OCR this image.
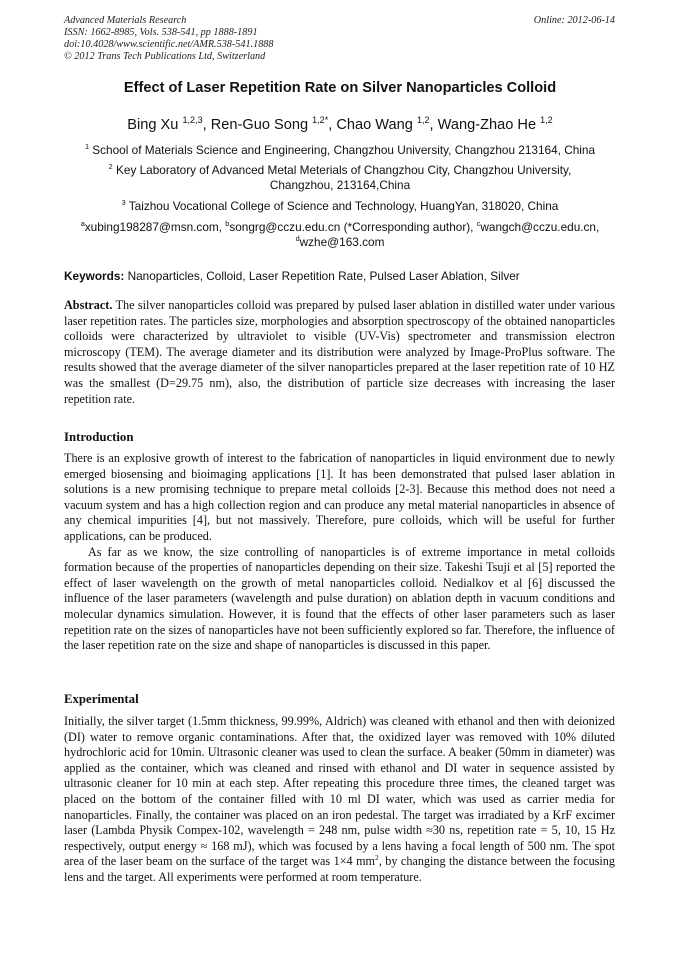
Advanced Materials Research
ISSN: 1662-8985, Vols. 538-541, pp 1888-1891
doi:10.4028/www.scientific.net/AMR.538-541.1888
© 2012 Trans Tech Publications Ltd, Switzerland
Online: 2012-06-14
Effect of Laser Repetition Rate on Silver Nanoparticles Colloid
Bing Xu $^{1,2,3}$, Ren-Guo Song $^{1,2*}$, Chao Wang $^{1,2}$, Wang-Zhao He $^{1,2}$
$^1$ School of Materials Science and Engineering, Changzhou University, Changzhou 213164, China
$^2$ Key Laboratory of Advanced Metal Meterials of Changzhou City, Changzhou University,
Changzhou, 213164,China
$^3$ Taizhou Vocational College of Science and Technology, HuangYan, 318020, China
$^a$xubing198287@msn.com, $^b$songrg@cczu.edu.cn (*Corresponding author), $^c$wangch@cczu.edu.cn,
$^d$wzhe@163.com
Keywords: Nanoparticles, Colloid, Laser Repetition Rate, Pulsed Laser Ablation, Silver

Abstract. The silver nanoparticles colloid was prepared by pulsed laser ablation in distilled water under various laser repetition rates. The particles size, morphologies and absorption spectroscopy of the obtained nanoparticles colloids were characterized by ultraviolet to visible (UV-Vis) spectrometer and transmission electron microscopy (TEM). The average diameter and its distribution were analyzed by Image-ProPlus software. The results showed that the average diameter of the silver nanoparticles prepared at the laser repetition rate of 10 HZ was the smallest (D=29.75 nm), also, the distribution of particle size decreases with increasing the laser repetition rate.

Introduction

There is an explosive growth of interest to the fabrication of nanoparticles in liquid environment due to newly emerged biosensing and bioimaging applications [1]. It has been demonstrated that pulsed laser ablation in solutions is a new promising technique to prepare metal colloids [2-3]. Because this method does not need a vacuum system and has a high collection region and can produce any metal material nanoparticles in absence of any chemical impurities [4], but not massively. Therefore, pure colloids, which will be useful for further applications, can be produced.

As far as we know, the size controlling of nanoparticles is of extreme importance in metal colloids formation because of the properties of nanoparticles depending on their size. Takeshi Tsuji et al [5] reported the effect of laser wavelength on the growth of metal nanoparticles colloid. Nedialkov et al [6] discussed the influence of the laser parameters (wavelength and pulse duration) on ablation depth in vacuum conditions and molecular dynamics simulation. However, it is found that the effects of other laser parameters such as laser repetition rate on the sizes of nanoparticles have not been sufficiently explored so far. Therefore, the influence of the laser repetition rate on the size and shape of nanoparticles is discussed in this paper.

Experimental

Initially, the silver target (1.5mm thickness, 99.99%, Aldrich) was cleaned with ethanol and then with deionized (DI) water to remove organic contaminations. After that, the oxidized layer was removed with 10% diluted hydrochloric acid for 10min. Ultrasonic cleaner was used to clean the surface. A beaker (50mm in diameter) was applied as the container, which was cleaned and rinsed with ethanol and DI water in sequence assisted by ultrasonic cleaner for 10 min at each step. After repeating this procedure three times, the cleaned target was placed on the bottom of the container filled with 10 ml DI water, which was used as carrier media for nanoparticles. Finally, the container was placed on an iron pedestal. The target was irradiated by a KrF excimer laser (Lambda Physik Compex-102, wavelength = 248 nm, pulse width ≈30 ns, repetition rate = 5, 10, 15 Hz respectively, output energy ≈ 168 mJ), which was focused by a lens having a focal length of 500 nm. The spot area of the laser beam on the surface of the target was 1×4 $mm^2$, by changing the distance between the focusing lens and the target. All experiments were performed at room temperature.
